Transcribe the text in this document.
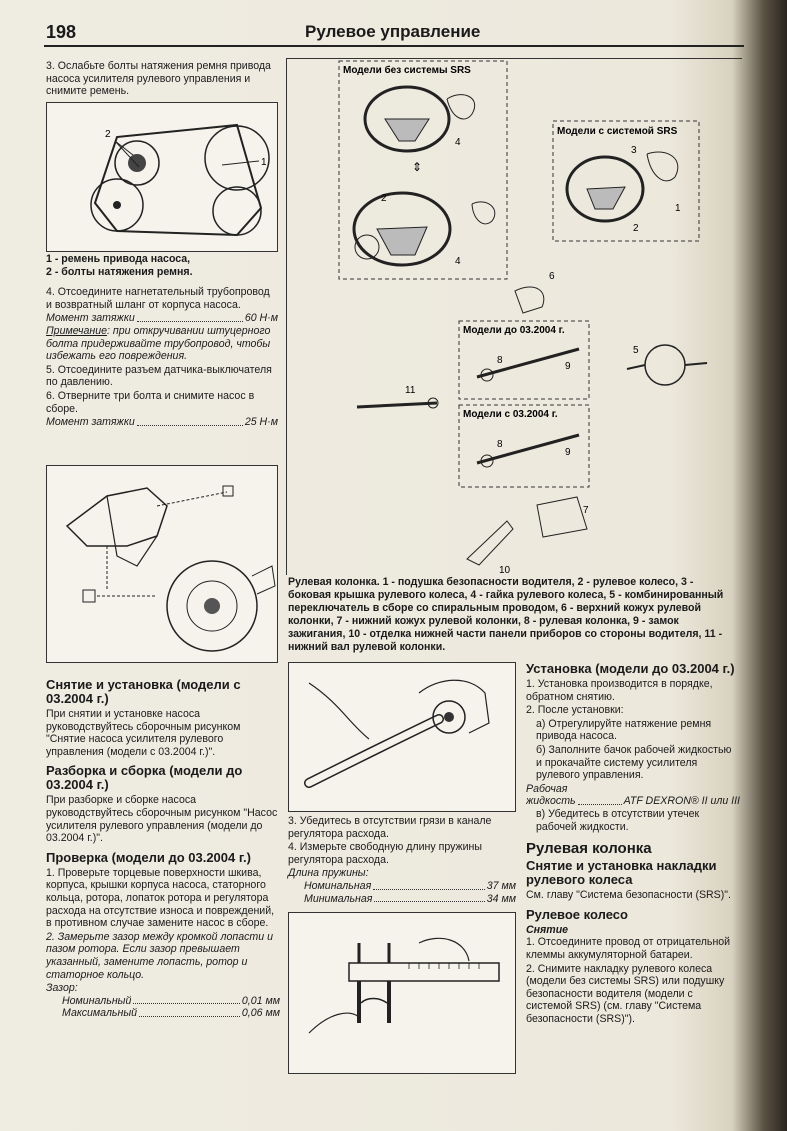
198	Рулевое управление

3. Ослабьте болты натяжения ремня привода насоса усилителя рулевого управления и снимите ремень.

2
1
1 - ремень привода насоса,
2 - болты натяжения ремня.

4. Отсоедините нагнетательный трубопровод и возвратный шланг от корпуса насоса.

Момент затяжки	60 Н·м

Примечание: при откручивании штуцерного болта придерживайте трубопровод, чтобы избежать его повреждения.

5. Отсоедините разъем датчика-выключателя по давлению.

6. Отверните три болта и снимите насос в сборе.

Момент затяжки	25 Н·м
Снятие и установка (модели с 03.2004 г.)

При снятии и установке насоса руководствуйтесь сборочным рисунком "Снятие насоса усилителя рулевого управления (модели с 03.2004 г.)".

Разборка и сборка (модели до 03.2004 г.)

При разборке и сборке насоса руководствуйтесь сборочным рисунком "Насос усилителя рулевого управления (модели до 03.2004 г.)".

Проверка (модели до 03.2004 г.)

1. Проверьте торцевые поверхности шкива, корпуса, крышки корпуса насоса, статорного кольца, ротора, лопаток ротора и регулятора расхода на отсутствие износа и повреждений, в противном случае замените насос в сборе.

2. Замерьте зазор между кромкой лопасти и пазом ротора. Если зазор превышает указанный, замените лопасть, ротор и статорное кольцо.

Зазор:
Номинальный	0,01 мм
Максимальный	0,06 мм
4
⇕
2
4
3
1
2
6
8
9
8
9
5
11
7
10
Модели без системы SRS
Модели с системой SRS
Модели до 03.2004 г.
Модели с 03.2004 г.
Рулевая колонка. 1 - подушка безопасности водителя, 2 - рулевое колесо, 3 - боковая крышка рулевого колеса, 4 - гайка рулевого колеса, 5 - комбинированный переключатель в сборе со спиральным проводом, 6 - верхний кожух рулевой колонки, 7 - нижний кожух рулевой колонки, 8 - рулевая колонка, 9 - замок зажигания, 10 - отделка нижней части панели приборов со стороны водителя, 11 - нижний вал рулевой колонки.

3. Убедитесь в отсутствии грязи в канале регулятора расхода.

4. Измерьте свободную длину пружины регулятора расхода.

Длина пружины:
Номинальная	37 мм
Минимальная	34 мм
Установка (модели до 03.2004 г.)

1. Установка производится в порядке, обратном снятию.

2. После установки:

а) Отрегулируйте натяжение ремня привода насоса.

б) Заполните бачок рабочей жидкостью и прокачайте систему усилителя рулевого управления.

Рабочая
жидкость	ATF DEXRON® II или III

в) Убедитесь в отсутствии утечек рабочей жидкости.

Рулевая колонка
Снятие и установка накладки рулевого колеса

См. главу "Система безопасности (SRS)".

Рулевое колесо
Снятие

1. Отсоедините провод от отрицательной клеммы аккумуляторной батареи.

2. Снимите накладку рулевого колеса (модели без системы SRS) или подушку безопасности водителя (модели с системой SRS) (см. главу "Система безопасности (SRS)").
